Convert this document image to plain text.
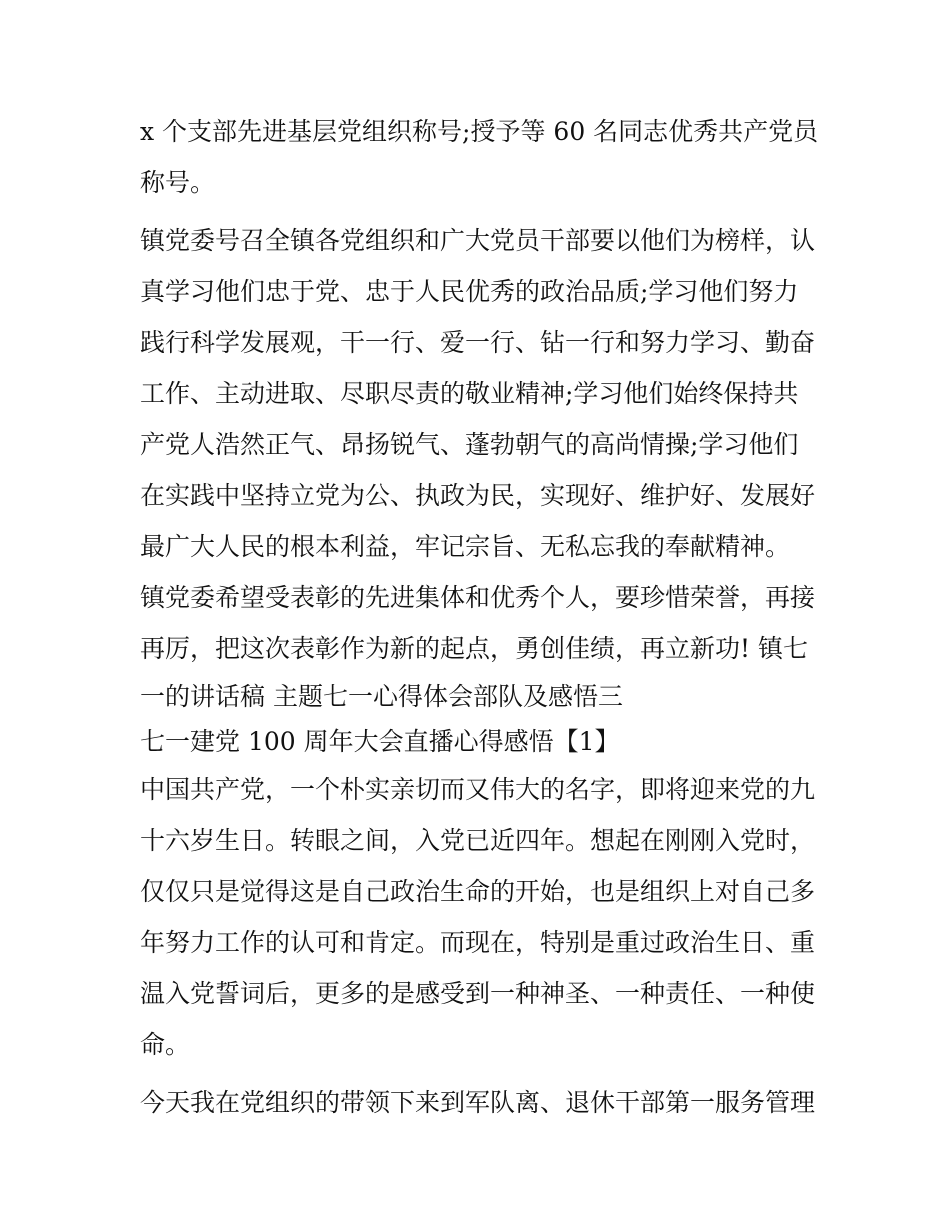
x 个支部先进基层党组织称号;授予等 60 名同志优秀共产党员
称号。
镇党委号召全镇各党组织和广大党员干部要以他们为榜样，认
真学习他们忠于党、忠于人民优秀的政治品质;学习他们努力
践行科学发展观，干一行、爱一行、钻一行和努力学习、勤奋
工作、主动进取、尽职尽责的敬业精神;学习他们始终保持共
产党人浩然正气、昂扬锐气、蓬勃朝气的高尚情操;学习他们
在实践中坚持立党为公、执政为民，实现好、维护好、发展好
最广大人民的根本利益，牢记宗旨、无私忘我的奉献精神。
镇党委希望受表彰的先进集体和优秀个人，要珍惜荣誉，再接
再厉，把这次表彰作为新的起点，勇创佳绩，再立新功! 镇七
一的讲话稿 主题七一心得体会部队及感悟三
七一建党 100 周年大会直播心得感悟【1】
中国共产党，一个朴实亲切而又伟大的名字，即将迎来党的九
十六岁生日。转眼之间，入党已近四年。想起在刚刚入党时，
仅仅只是觉得这是自己政治生命的开始，也是组织上对自己多
年努力工作的认可和肯定。而现在，特别是重过政治生日、重
温入党誓词后，更多的是感受到一种神圣、一种责任、一种使
命。
今天我在党组织的带领下来到军队离、退休干部第一服务管理
